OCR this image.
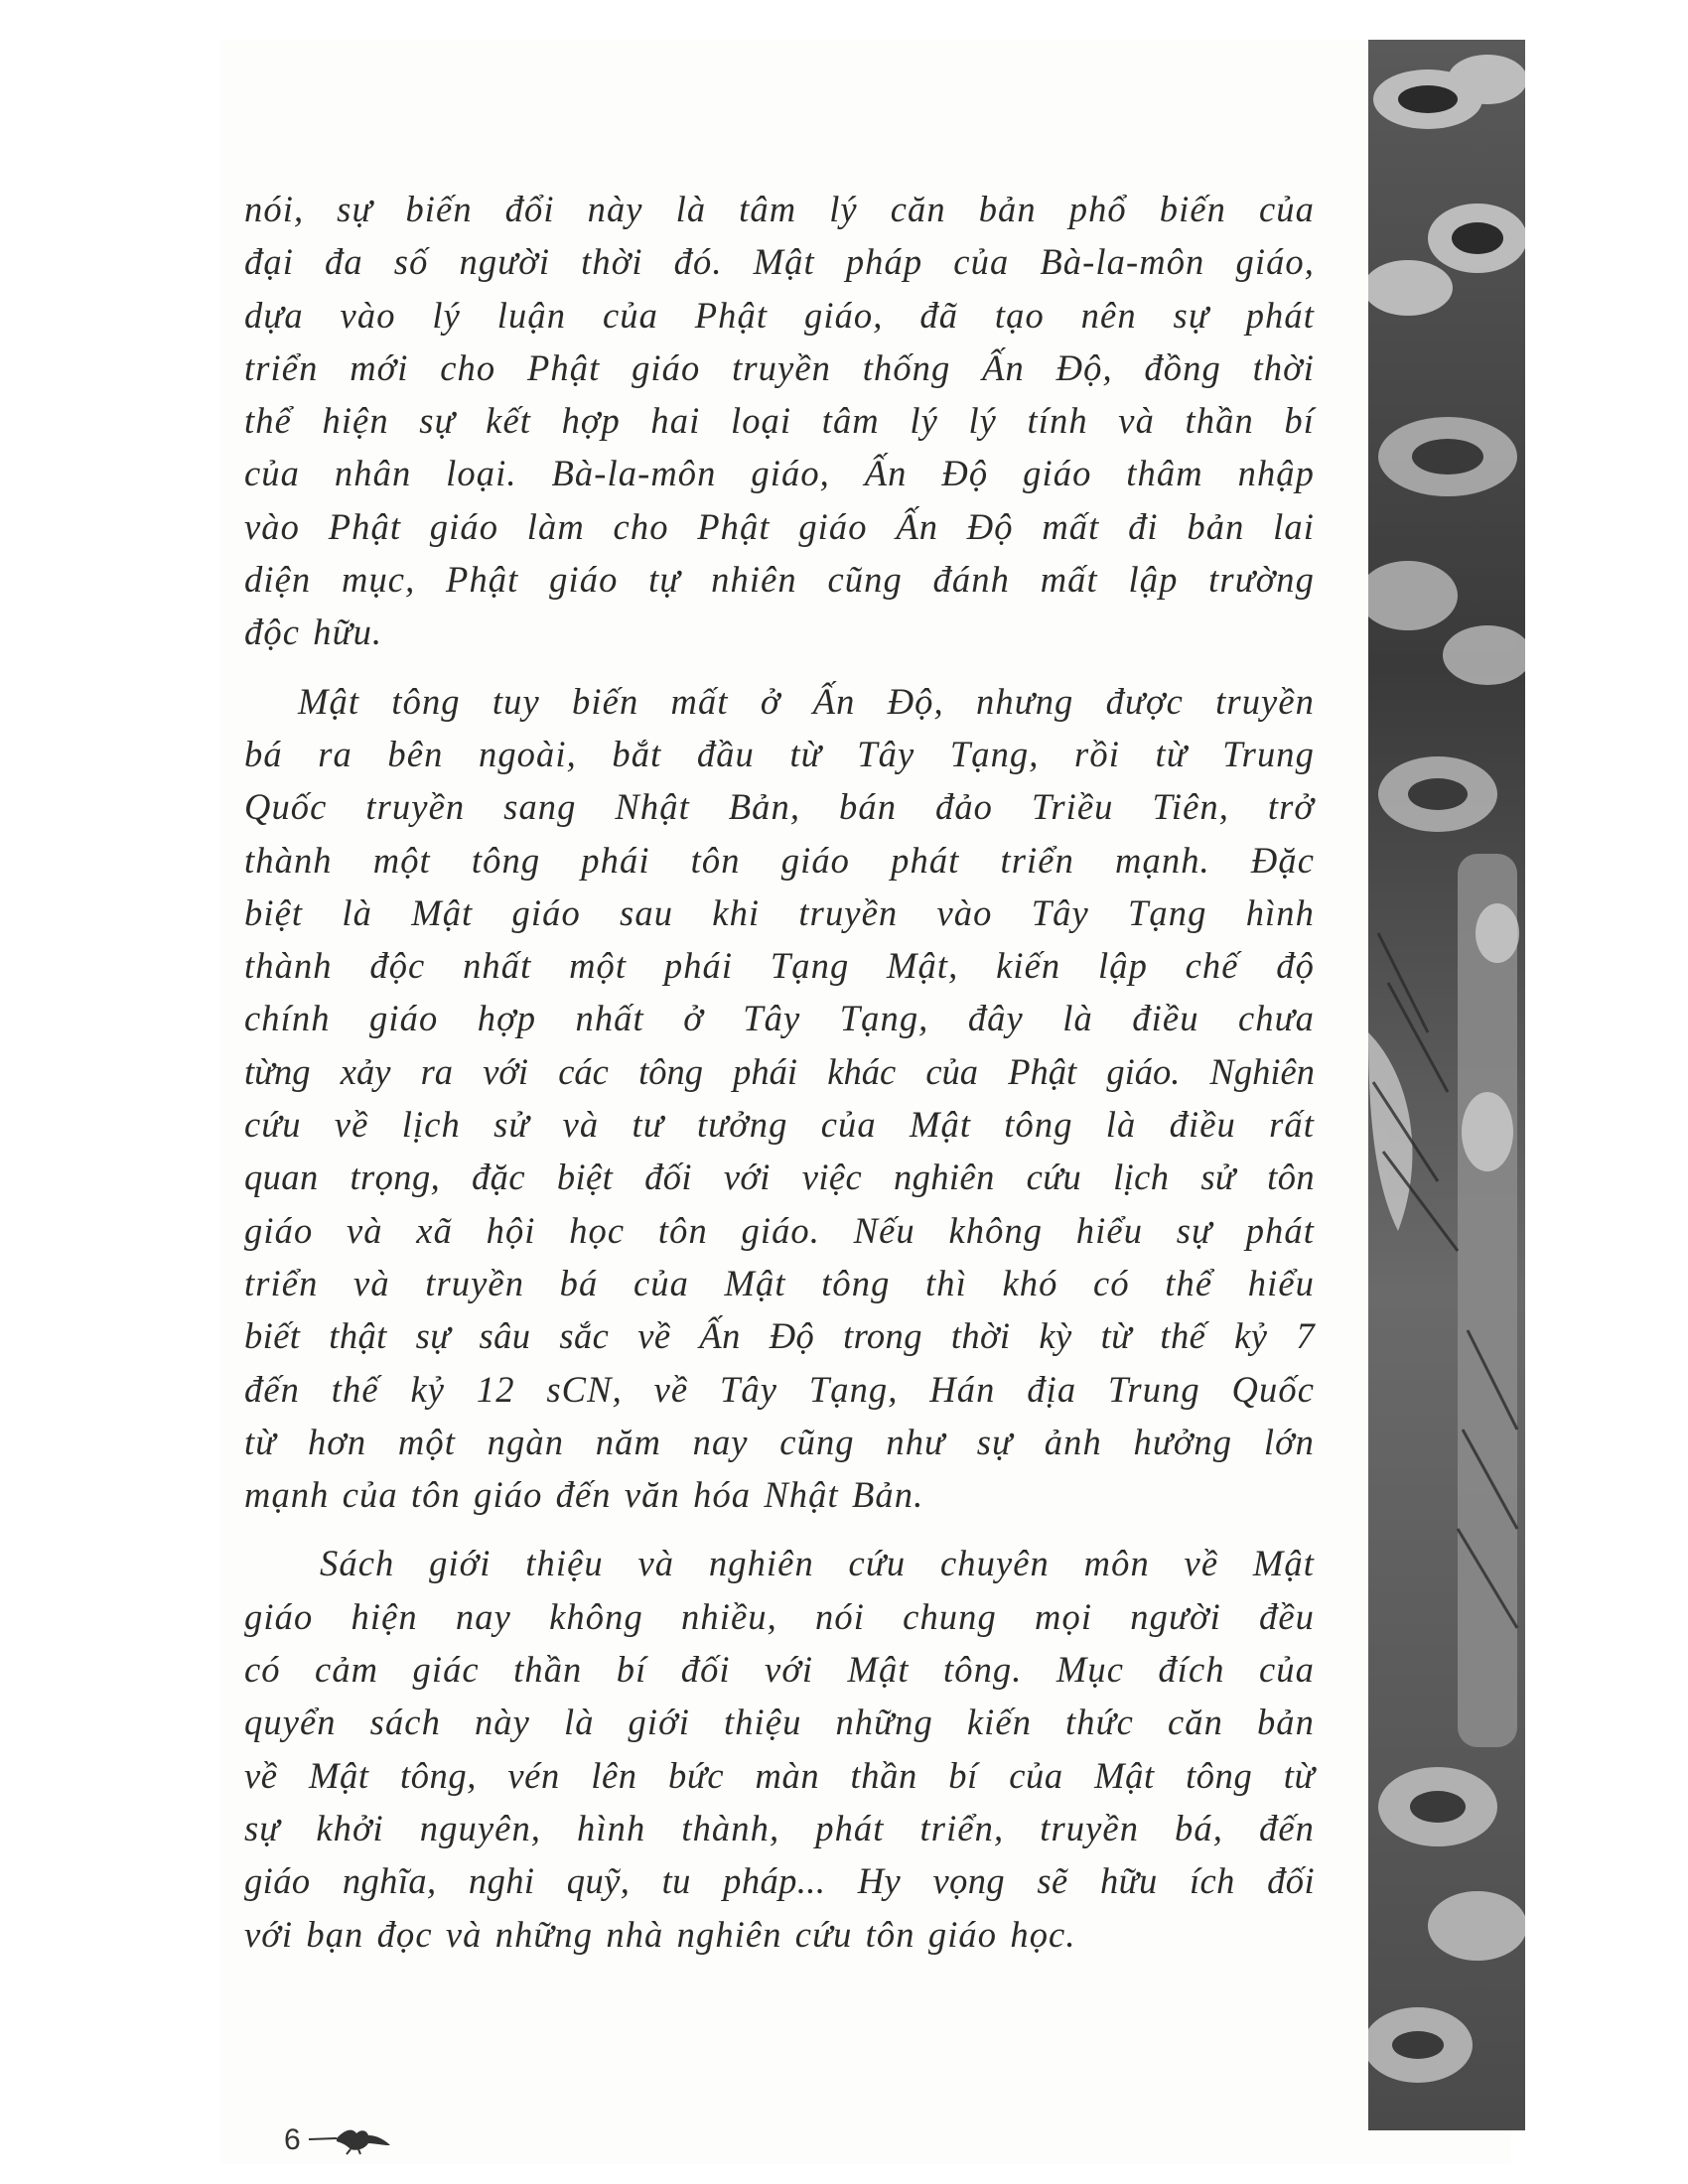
nói, sự biến đổi này là tâm lý căn bản phổ biến của
đại đa số người thời đó. Mật pháp của Bà-la-môn giáo,
dựa vào lý luận của Phật giáo, đã tạo nên sự phát
triển mới cho Phật giáo truyền thống Ấn Độ, đồng thời
thể hiện sự kết hợp hai loại tâm lý lý tính và thần bí
của nhân loại. Bà-la-môn giáo, Ấn Độ giáo thâm nhập
vào Phật giáo làm cho Phật giáo Ấn Độ mất đi bản lai
diện mục, Phật giáo tự nhiên cũng đánh mất lập trường
độc hữu.

Mật tông tuy biến mất ở Ấn Độ, nhưng được truyền
bá ra bên ngoài, bắt đầu từ Tây Tạng, rồi từ Trung
Quốc truyền sang Nhật Bản, bán đảo Triều Tiên, trở
thành một tông phái tôn giáo phát triển mạnh. Đặc
biệt là Mật giáo sau khi truyền vào Tây Tạng hình
thành độc nhất một phái Tạng Mật, kiến lập chế độ
chính giáo hợp nhất ở Tây Tạng, đây là điều chưa
từng xảy ra với các tông phái khác của Phật giáo. Nghiên
cứu về lịch sử và tư tưởng của Mật tông là điều rất
quan trọng, đặc biệt đối với việc nghiên cứu lịch sử tôn
giáo và xã hội học tôn giáo. Nếu không hiểu sự phát
triển và truyền bá của Mật tông thì khó có thể hiểu
biết thật sự sâu sắc về Ấn Độ trong thời kỳ từ thế kỷ 7
đến thế kỷ 12 sCN, về Tây Tạng, Hán địa Trung Quốc
từ hơn một ngàn năm nay cũng như sự ảnh hưởng lớn
mạnh của tôn giáo đến văn hóa Nhật Bản.

Sách giới thiệu và nghiên cứu chuyên môn về Mật
giáo hiện nay không nhiều, nói chung mọi người đều
có cảm giác thần bí đối với Mật tông. Mục đích của
quyển sách này là giới thiệu những kiến thức căn bản
về Mật tông, vén lên bức màn thần bí của Mật tông từ
sự khởi nguyên, hình thành, phát triển, truyền bá, đến
giáo nghĩa, nghi quỹ, tu pháp... Hy vọng sẽ hữu ích đối
với bạn đọc và những nhà nghiên cứu tôn giáo học.

6
